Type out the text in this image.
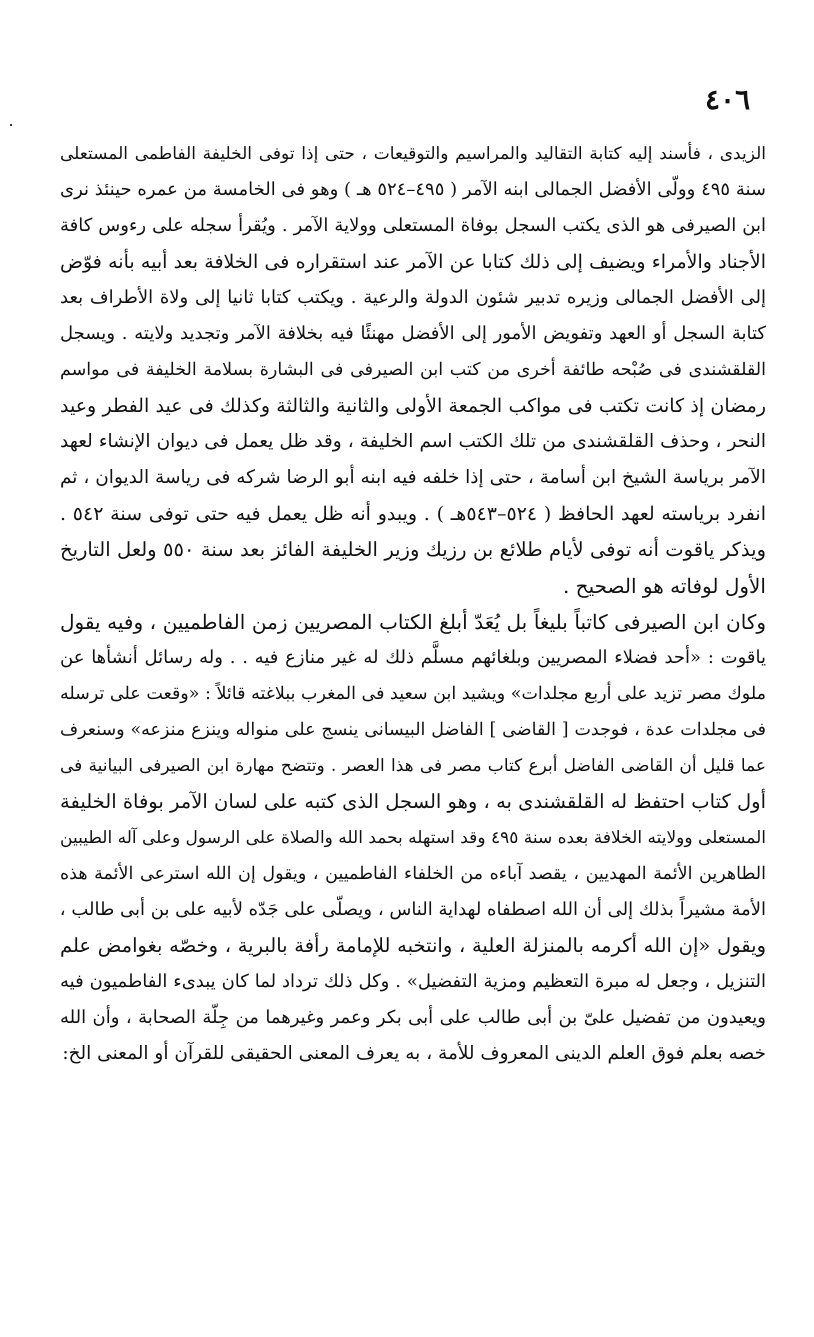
٤٠٦
الزيدى ، فأسند إليه كتابة التقاليد والمراسيم والتوقيعات ، حتى إذا توفى الخليفة الفاطمى المستعلى
سنة ٤٩٥ وولّى الأفضل الجمالى ابنه الآمر ( ٤٩٥–٥٢٤ هـ ) وهو فى الخامسة من عمره حينئذ نرى
ابن الصيرفى هو الذى يكتب السجل بوفاة المستعلى وولاية الآمر . ويُقرأ سجله على رءوس كافة
الأجناد والأمراء ويضيف إلى ذلك كتابا عن الآمر عند استقراره فى الخلافة بعد أبيه بأنه فوّض
إلى الأفضل الجمالى وزيره تدبير شئون الدولة والرعية . ويكتب كتابا ثانيا إلى ولاة الأطراف بعد
كتابة السجل أو العهد وتفويض الأمور إلى الأفضل مهنئًا فيه بخلافة الآمر وتجديد ولايته . ويسجل
القلقشندى فى صُبْحه طائفة أخرى من كتب ابن الصيرفى فى البشارة بسلامة الخليفة فى مواسم
رمضان إذ كانت تكتب فى مواكب الجمعة الأولى والثانية والثالثة وكذلك فى عيد الفطر وعيد
النحر ، وحذف القلقشندى من تلك الكتب اسم الخليفة ، وقد ظل يعمل فى ديوان الإنشاء لعهد
الآمر برياسة الشيخ ابن أسامة ، حتى إذا خلفه فيه ابنه أبو الرضا شركه فى رياسة الديوان ، ثم
انفرد برياسته لعهد الحافظ ( ٥٢٤–٥٤٣هـ ) . ويبدو أنه ظل يعمل فيه حتى توفى سنة ٥٤٢ .
ويذكر ياقوت أنه توفى لأيام طلائع بن رزيك وزير الخليفة الفائز بعد سنة ٥٥٠ ولعل التاريخ
الأول لوفاته هو الصحيح .
وكان ابن الصيرفى كاتباً بليغاً بل يُعَدّ أبلغ الكتاب المصريين زمن الفاطميين ، وفيه يقول
ياقوت : «أحد فضلاء المصريين وبلغائهم مسلَّم ذلك له غير منازع فيه . . وله رسائل أنشأها عن
ملوك مصر تزيد على أربع مجلدات» ويشيد ابن سعيد فى المغرب ببلاغته قائلاً : «وقعت على ترسله
فى مجلدات عدة ، فوجدت [ القاضى ] الفاضل البيسانى ينسج على منواله وينزع منزعه» وسنعرف
عما قليل أن القاضى الفاضل أبرع كتاب مصر فى هذا العصر . وتتضح مهارة ابن الصيرفى البيانية فى
أول كتاب احتفظ له القلقشندى به ، وهو السجل الذى كتبه على لسان الآمر بوفاة الخليفة
المستعلى وولايته الخلافة بعده سنة ٤٩٥ وقد استهله بحمد الله والصلاة على الرسول وعلى آله الطيبين
الطاهرين الأئمة المهديين ، يقصد آباءه من الخلفاء الفاطميين ، ويقول إن الله استرعى الأئمة هذه
الأمة مشيراً بذلك إلى أن الله اصطفاه لهداية الناس ، ويصلّى على جَدّه لأبيه على بن أبى طالب ،
ويقول «إن الله أكرمه بالمنزلة العلية ، وانتخبه للإمامة رأفة بالبرية ، وخصّه بغوامض علم
التنزيل ، وجعل له مبرة التعظيم ومزية التفضيل» . وكل ذلك ترداد لما كان يبدىء الفاطميون فيه
ويعيدون من تفضيل علىّ بن أبى طالب على أبى بكر وعمر وغيرهما من جِلّة الصحابة ، وأن الله
خصه بعلم فوق العلم الدينى المعروف للأمة ، به يعرف المعنى الحقيقى للقرآن أو المعنى الخ:
